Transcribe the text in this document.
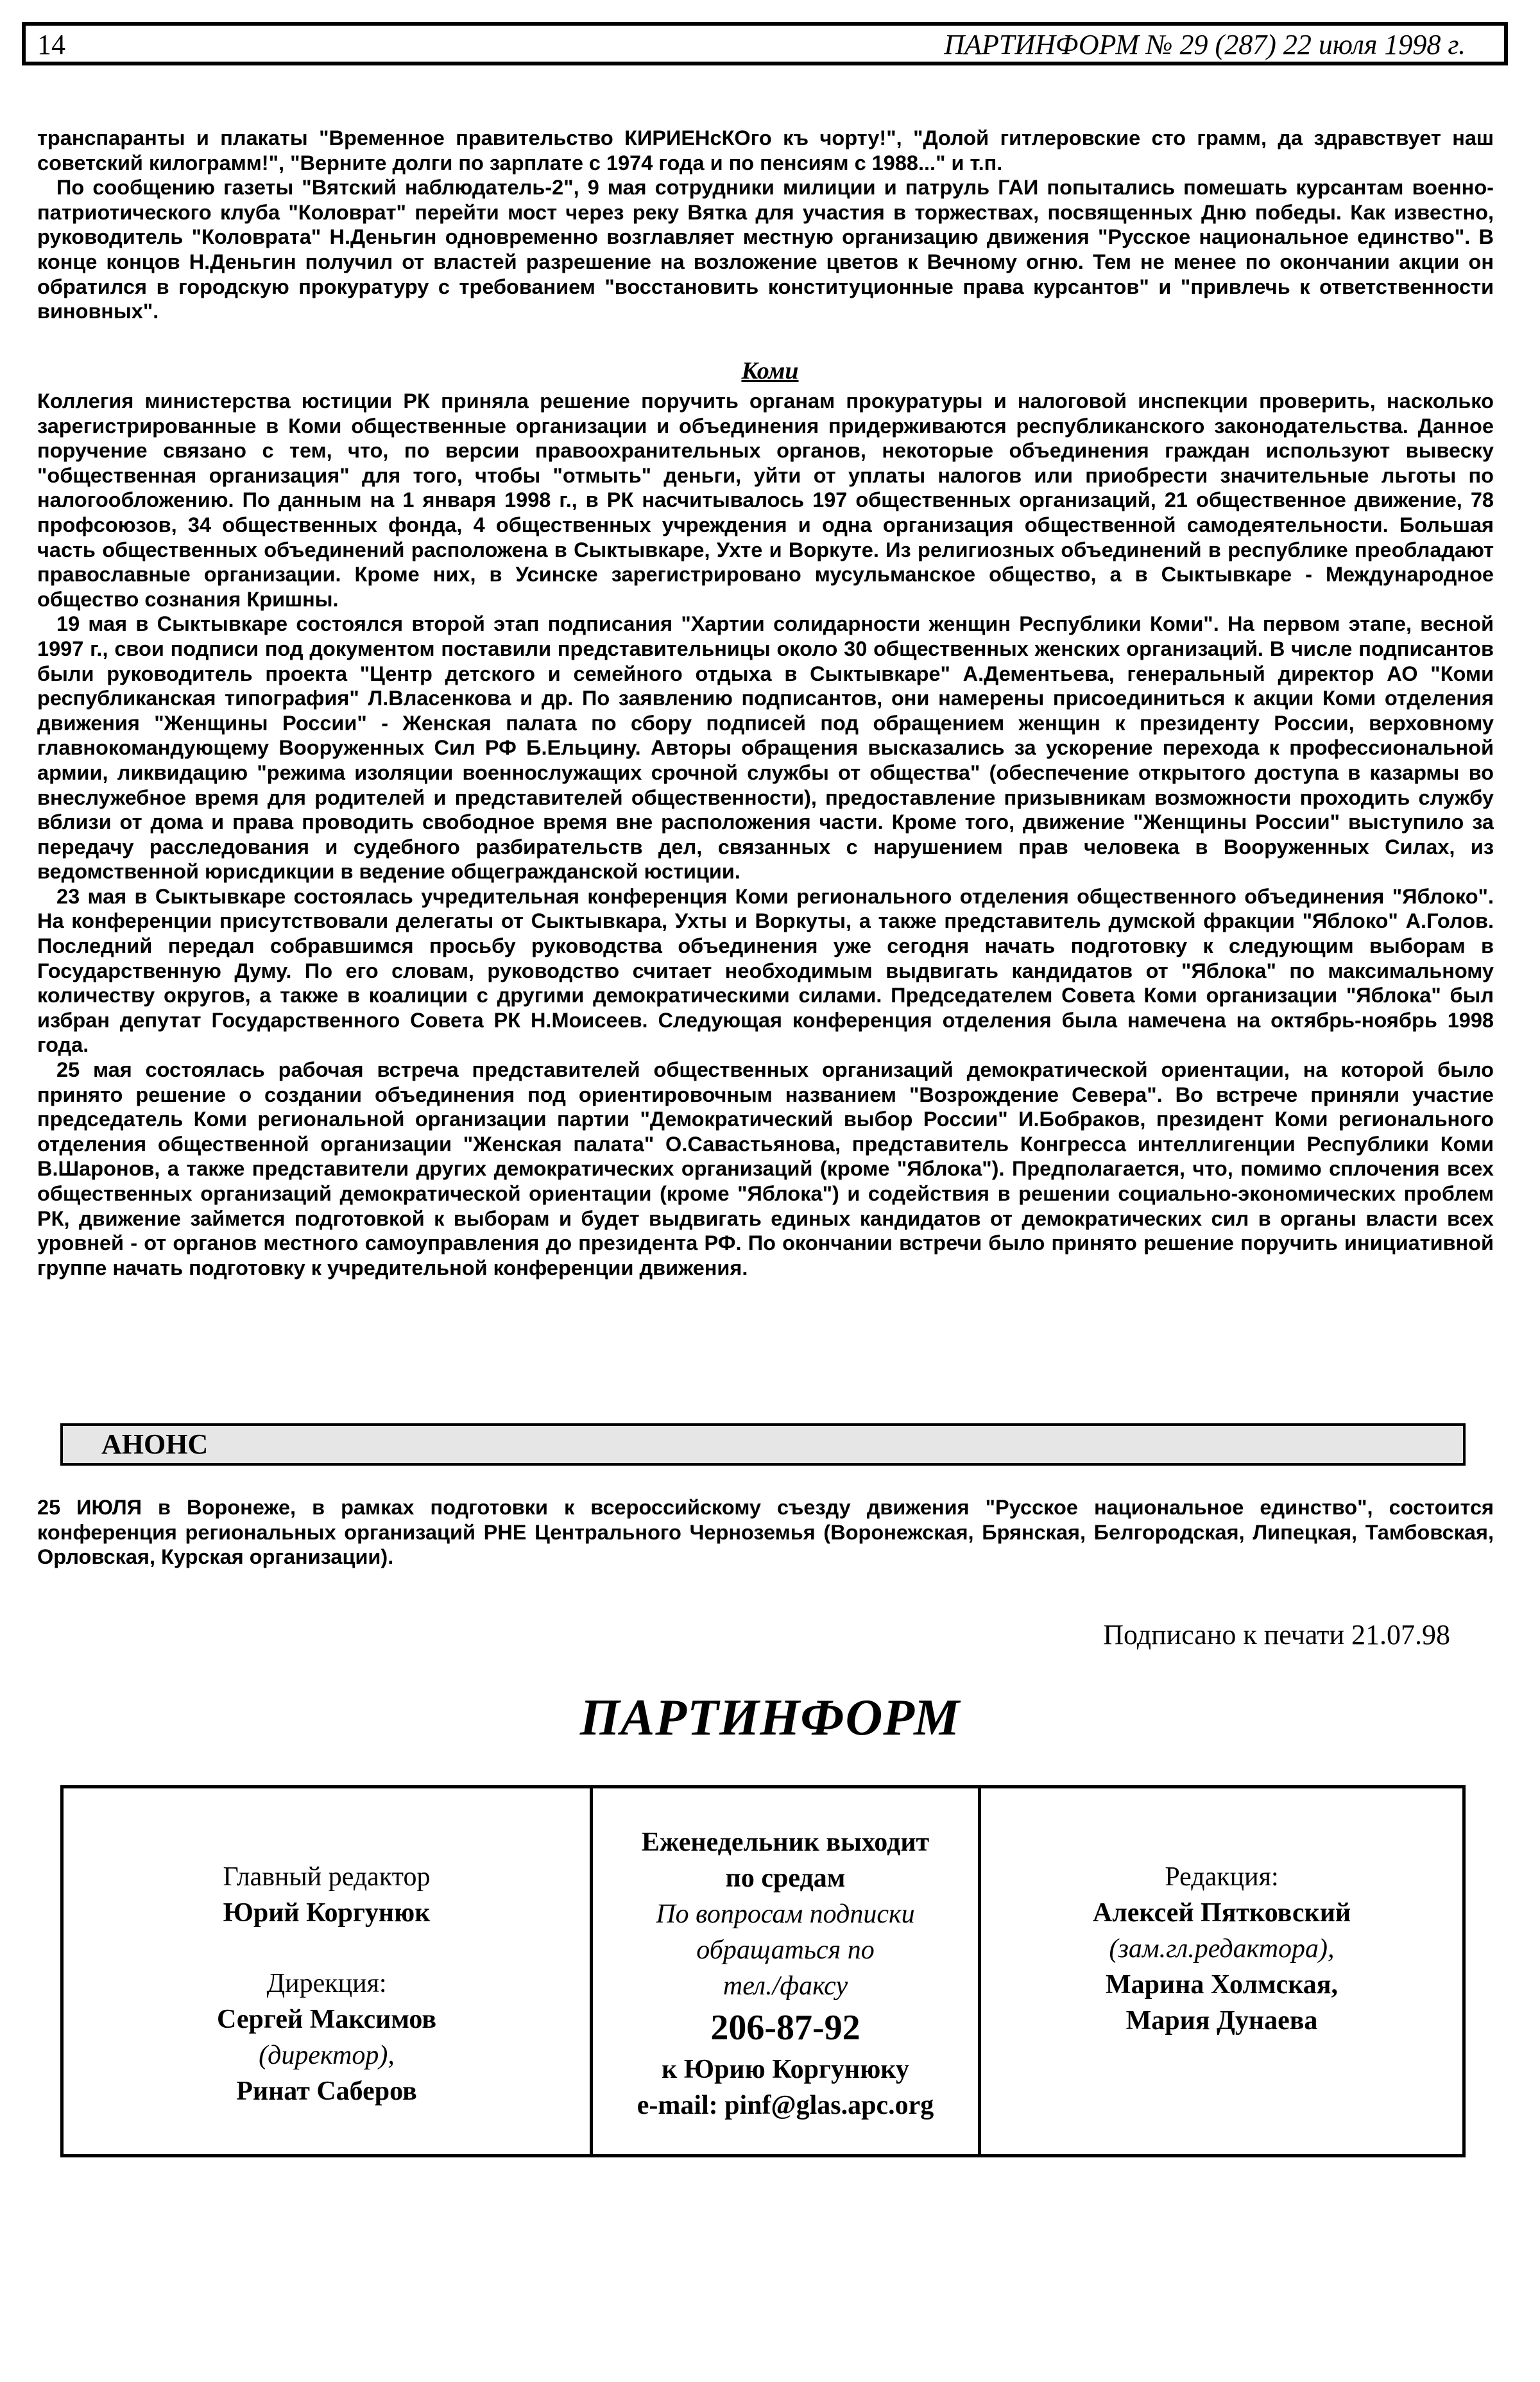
14	ПАРТИНФОРМ № 29 (287) 22 июля 1998 г.

транспаранты и плакаты "Временное правительство КИРИЕНсКОго къ чорту!", "Долой гитлеровские сто грамм, да здравствует наш советский килограмм!", "Верните долги по зарплате с 1974 года и по пенсиям с 1988..." и т.п.

По сообщению газеты "Вятский наблюдатель-2", 9 мая сотрудники милиции и патруль ГАИ попытались помешать курсантам военно-патриотического клуба "Коловрат" перейти мост через реку Вятка для участия в торжествах, посвященных Дню победы. Как известно, руководитель "Коловрата" Н.Деньгин одновременно возглавляет местную организацию движения "Русское национальное единство". В конце концов Н.Деньгин получил от властей разрешение на возложение цветов к Вечному огню. Тем не менее по окончании акции он обратился в городскую прокуратуру с требованием "восстановить конституционные права курсантов" и "привлечь к ответственности виновных".

Коми

Коллегия министерства юстиции РК приняла решение поручить органам прокуратуры и налоговой инспекции проверить, насколько зарегистрированные в Коми общественные организации и объединения придерживаются республиканского законодательства. Данное поручение связано с тем, что, по версии правоохранительных органов, некоторые объединения граждан используют вывеску "общественная организация" для того, чтобы "отмыть" деньги, уйти от уплаты налогов или приобрести значительные льготы по налогообложению. По данным на 1 января 1998 г., в РК насчитывалось 197 общественных организаций, 21 общественное движение, 78 профсоюзов, 34 общественных фонда, 4 общественных учреждения и одна организация общественной самодеятельности. Большая часть общественных объединений расположена в Сыктывкаре, Ухте и Воркуте. Из религиозных объединений в республике преобладают православные организации. Кроме них, в Усинске зарегистрировано мусульманское общество, а в Сыктывкаре - Международное общество сознания Кришны.

19 мая в Сыктывкаре состоялся второй этап подписания "Хартии солидарности женщин Республики Коми". На первом этапе, весной 1997 г., свои подписи под документом поставили представительницы около 30 общественных женских организаций. В числе подписантов были руководитель проекта "Центр детского и семейного отдыха в Сыктывкаре" А.Дементьева, генеральный директор АО "Коми республиканская типография" Л.Власенкова и др. По заявлению подписантов, они намерены присоединиться к акции Коми отделения движения "Женщины России" - Женская палата по сбору подписей под обращением женщин к президенту России, верховному главнокомандующему Вооруженных Сил РФ Б.Ельцину. Авторы обращения высказались за ускорение перехода к профессиональной армии, ликвидацию "режима изоляции военнослужащих срочной службы от общества" (обеспечение открытого доступа в казармы во внеслужебное время для родителей и представителей общественности), предоставление призывникам возможности проходить службу вблизи от дома и права проводить свободное время вне расположения части. Кроме того, движение "Женщины России" выступило за передачу расследования и судебного разбирательств дел, связанных с нарушением прав человека в Вооруженных Силах, из ведомственной юрисдикции в ведение общегражданской юстиции.

23 мая в Сыктывкаре состоялась учредительная конференция Коми регионального отделения общественного объединения "Яблоко". На конференции присутствовали делегаты от Сыктывкара, Ухты и Воркуты, а также представитель думской фракции "Яблоко" А.Голов. Последний передал собравшимся просьбу руководства объединения уже сегодня начать подготовку к следующим выборам в Государственную Думу. По его словам, руководство считает необходимым выдвигать кандидатов от "Яблока" по максимальному количеству округов, а также в коалиции с другими демократическими силами. Председателем Совета Коми организации "Яблока" был избран депутат Государственного Совета РК Н.Моисеев. Следующая конференция отделения была намечена на октябрь-ноябрь 1998 года.

25 мая состоялась рабочая встреча представителей общественных организаций демократической ориентации, на которой было принято решение о создании объединения под ориентировочным названием "Возрождение Севера". Во встрече приняли участие председатель Коми региональной организации партии "Демократический выбор России" И.Бобраков, президент Коми регионального отделения общественной организации "Женская палата" О.Савастьянова, представитель Конгресса интеллигенции Республики Коми В.Шаронов, а также представители других демократических организаций (кроме "Яблока"). Предполагается, что, помимо сплочения всех общественных организаций демократической ориентации (кроме "Яблока") и содействия в решении социально-экономических проблем РК, движение займется подготовкой к выборам и будет выдвигать единых кандидатов от демократических сил в органы власти всех уровней - от органов местного самоуправления до президента РФ. По окончании встречи было принято решение поручить инициативной группе начать подготовку к учредительной конференции движения.

АНОНС

25 ИЮЛЯ в Воронеже, в рамках подготовки к всероссийскому съезду движения "Русское национальное единство", состоится конференция региональных организаций РНЕ Центрального Черноземья (Воронежская, Брянская, Белгородская, Липецкая, Тамбовская, Орловская, Курская организации).

Подписано к печати 21.07.98
ПАРТИНФОРМ
Главный редактор
Юрий Коргунюк
Дирекция:
Сергей Максимов
(директор),
Ринат Саберов
Еженедельник выходит
по средам
По вопросам подписки
обращаться по
тел./факсу
206-87-92
к Юрию Коргунюку
e-mail: pinf@glas.apc.org
Редакция:
Алексей Пятковский
(зам.гл.редактора),
Марина Холмская,
Мария Дунаева
